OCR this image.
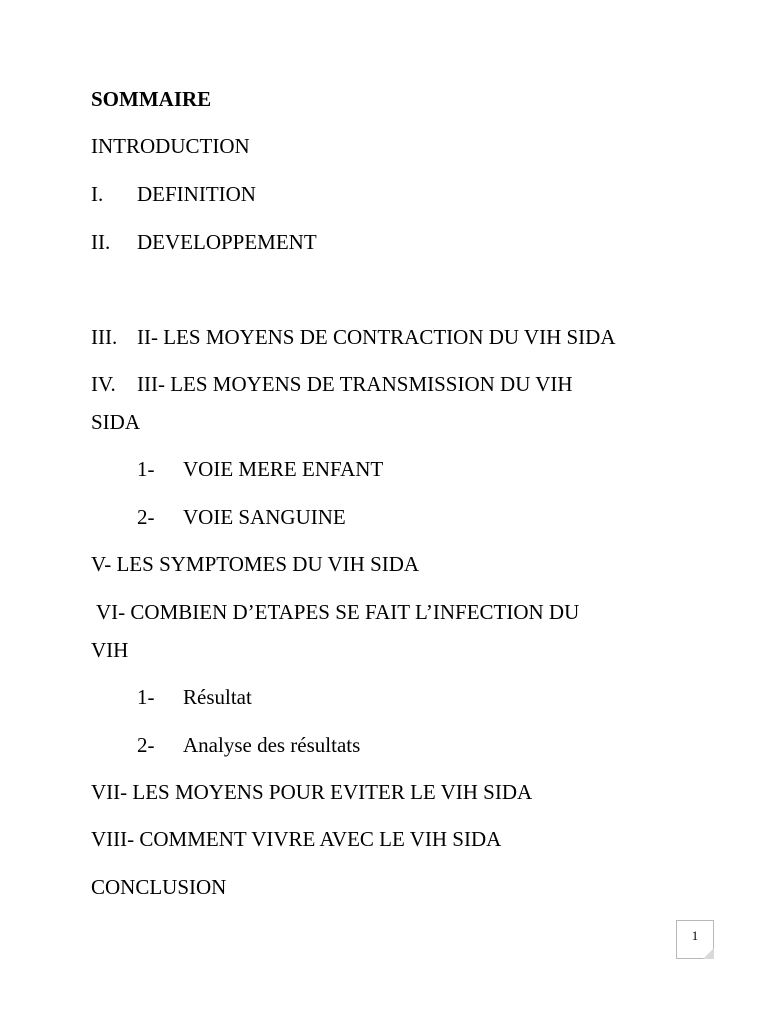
SOMMAIRE
INTRODUCTION
I. DEFINITION
II. DEVELOPPEMENT
III. II- LES MOYENS DE CONTRACTION DU VIH SIDA
IV. III- LES MOYENS DE TRANSMISSION DU VIH
SIDA
1- VOIE MERE ENFANT
2- VOIE SANGUINE
V- LES SYMPTOMES DU VIH SIDA
VI- COMBIEN D’ETAPES SE FAIT L’INFECTION DU
VIH
1- Résultat
2- Analyse des résultats
VII- LES MOYENS POUR EVITER LE VIH SIDA
VIII- COMMENT VIVRE AVEC LE VIH SIDA
CONCLUSION
1
